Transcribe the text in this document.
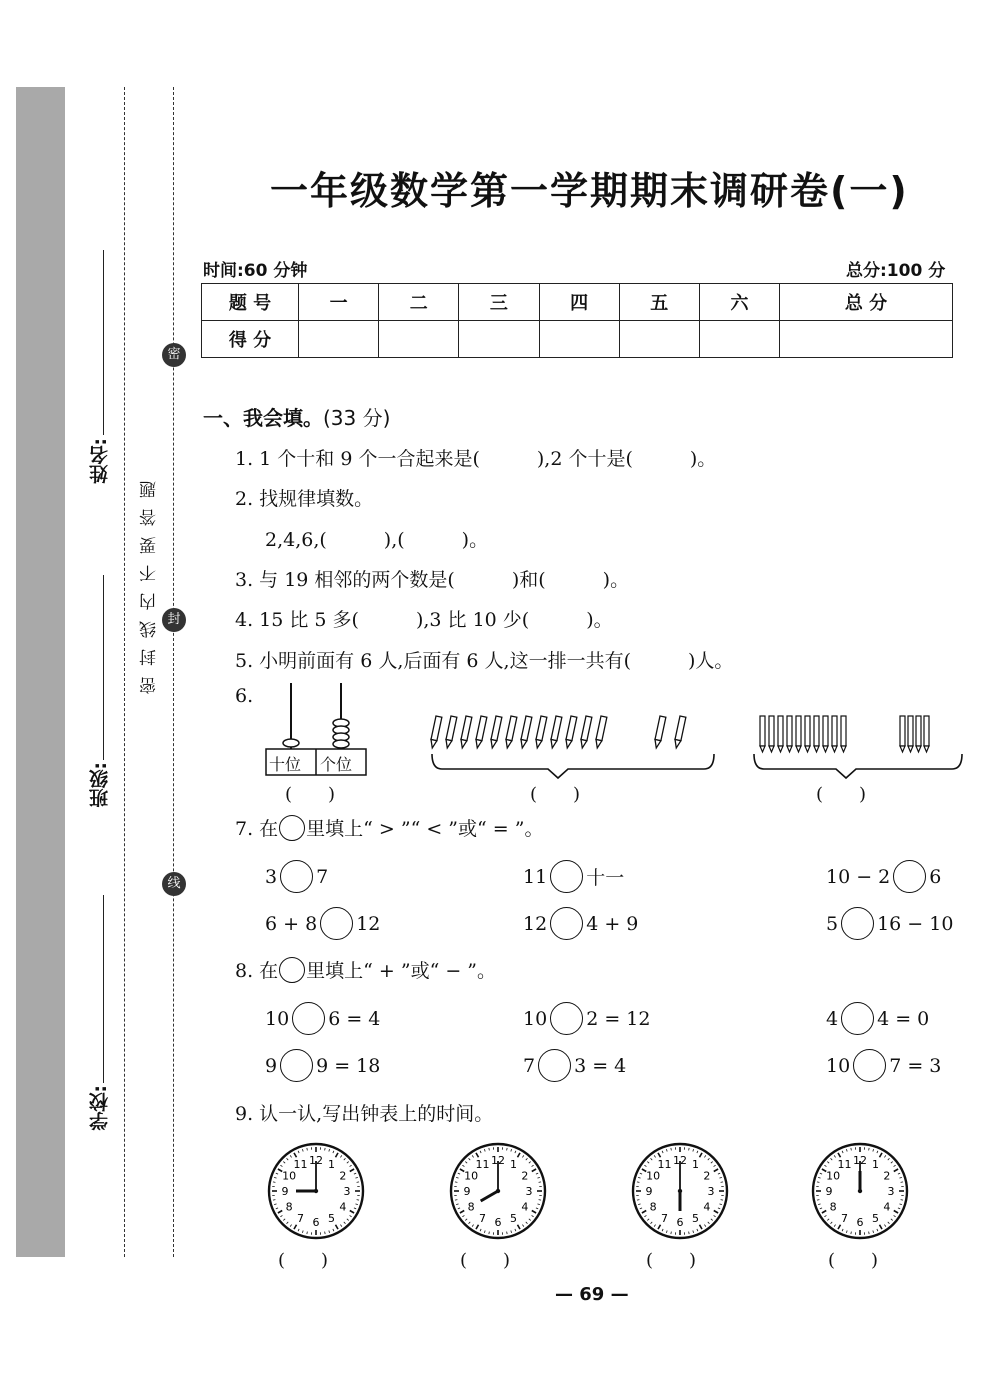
姓名:
班级:
学校:
密封线内不要答题
密
封
线
一年级数学第一学期期末调研卷(一)
时间:60 分钟	总分:100 分
题 号	一	二	三	四	五	六	总 分
得 分							
一、我会填。(33 分)
1. 1 个十和 9 个一合起来是(　　　),2 个十是(　　　)。
2. 找规律填数。
2,4,6,(　　　),(　　　)。
3. 与 19 相邻的两个数是(　　　)和(　　　)。
4. 15 比 5 多(　　　),3 比 10 少(　　　)。
5. 小明前面有 6 人,后面有 6 人,这一排一共有(　　　)人。
6.
十位 个位
(　　)	(　　)	(　　)
7. 在 里填上“ > ”“ < ”或“ = ”。
3 7	11 十一	10 − 2 6
6 + 8 12	12 4 + 9	5 16 − 10
8. 在 里填上“ + ”或“ − ”。
10 6 = 4	10 2 = 12	4 4 = 0
9 9 = 18	7 3 = 4	10 7 = 3
9. 认一认,写出钟表上的时间。
1
2
3
4
5
6
7
8
9
10
11 12	1
2
3
4
5
6
7
8
9
10
11 12	1
2
3
4
5
6
7
8
9
10
11 12	1
2
3
4
5
6
7
8
9
10
11 12
(　　)	(　　)	(　　)	(　　)
— 69 —
